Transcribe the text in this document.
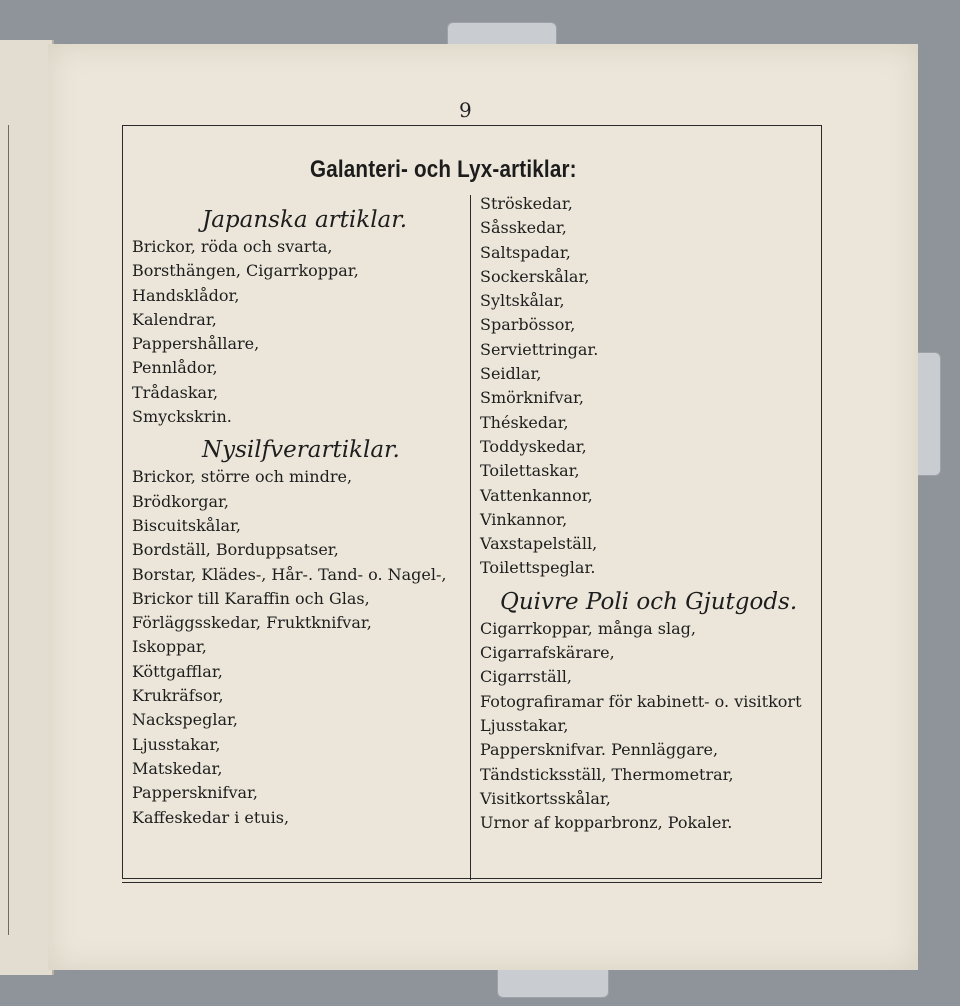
9
Galanteri- och Lyx-artiklar:
Japanska artiklar.
Brickor, röda och svarta,
Borsthängen, Cigarrkoppar,
Handsklådor,
Kalendrar,
Pappershållare,
Pennlådor,
Trådaskar,
Smyckskrin.
Nysilfverartiklar.
Brickor, större och mindre,
Brödkorgar,
Biscuitskålar,
Bordställ, Borduppsatser,
Borstar, Klädes-, Hår-. Tand- o. Nagel-,
Brickor till Karaffin och Glas,
Förläggsskedar, Fruktknifvar,
Iskoppar,
Köttgafflar,
Krukräfsor,
Nackspeglar,
Ljusstakar,
Matskedar,
Pappersknifvar,
Kaffeskedar i etuis,
Ströskedar,
Såsskedar,
Saltspadar,
Sockerskålar,
Syltskålar,
Sparbössor,
Serviettringar.
Seidlar,
Smörknifvar,
Théskedar,
Toddyskedar,
Toilettaskar,
Vattenkannor,
Vinkannor,
Vaxstapelställ,
Toilettspeglar.
Quivre Poli och Gjutgods.
Cigarrkoppar, många slag,
Cigarrafskärare,
Cigarrställ,
Fotografiramar för kabinett- o. visitkort
Ljusstakar,
Pappersknifvar. Pennläggare,
Tändsticksställ, Thermometrar,
Visitkortsskålar,
Urnor af kopparbronz, Pokaler.
